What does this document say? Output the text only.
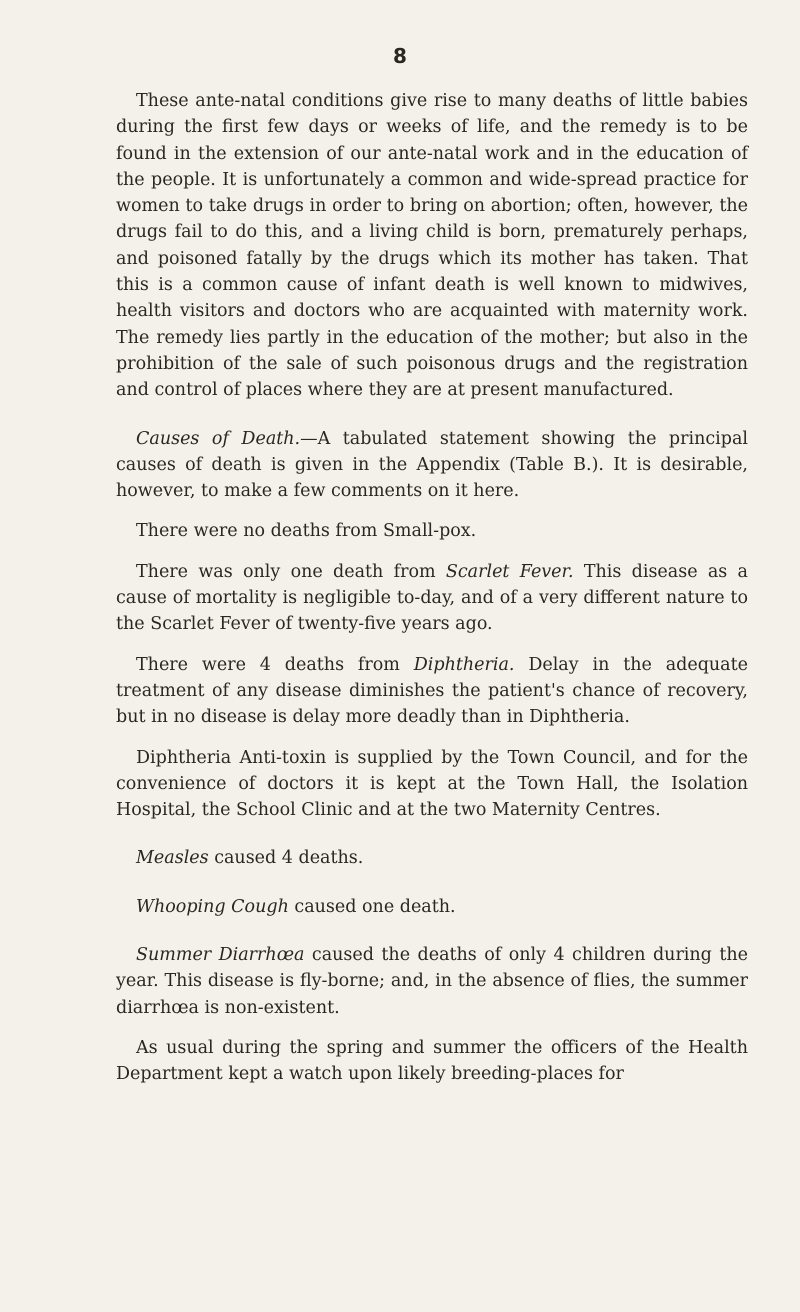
8

These ante-natal conditions give rise to many deaths of little babies during the first few days or weeks of life, and the remedy is to be found in the extension of our ante-natal work and in the education of the people. It is unfortunately a common and wide-spread practice for women to take drugs in order to bring on abortion; often, however, the drugs fail to do this, and a living child is born, prematurely perhaps, and poisoned fatally by the drugs which its mother has taken. That this is a common cause of infant death is well known to midwives, health visitors and doctors who are acquainted with maternity work. The remedy lies partly in the education of the mother; but also in the prohibition of the sale of such poisonous drugs and the registration and control of places where they are at present manufactured.

Causes of Death.—A tabulated statement showing the principal causes of death is given in the Appendix (Table B.). It is desirable, however, to make a few comments on it here.

There were no deaths from Small-pox.

There was only one death from Scarlet Fever. This disease as a cause of mortality is negligible to-day, and of a very different nature to the Scarlet Fever of twenty-five years ago.

There were 4 deaths from Diphtheria. Delay in the adequate treatment of any disease diminishes the patient's chance of recovery, but in no disease is delay more deadly than in Diphtheria.

Diphtheria Anti-toxin is supplied by the Town Council, and for the convenience of doctors it is kept at the Town Hall, the Isolation Hospital, the School Clinic and at the two Maternity Centres.

Measles caused 4 deaths.

Whooping Cough caused one death.

Summer Diarrhœa caused the deaths of only 4 children during the year. This disease is fly-borne; and, in the absence of flies, the summer diarrhœa is non-existent.

As usual during the spring and summer the officers of the Health Department kept a watch upon likely breeding-places for
